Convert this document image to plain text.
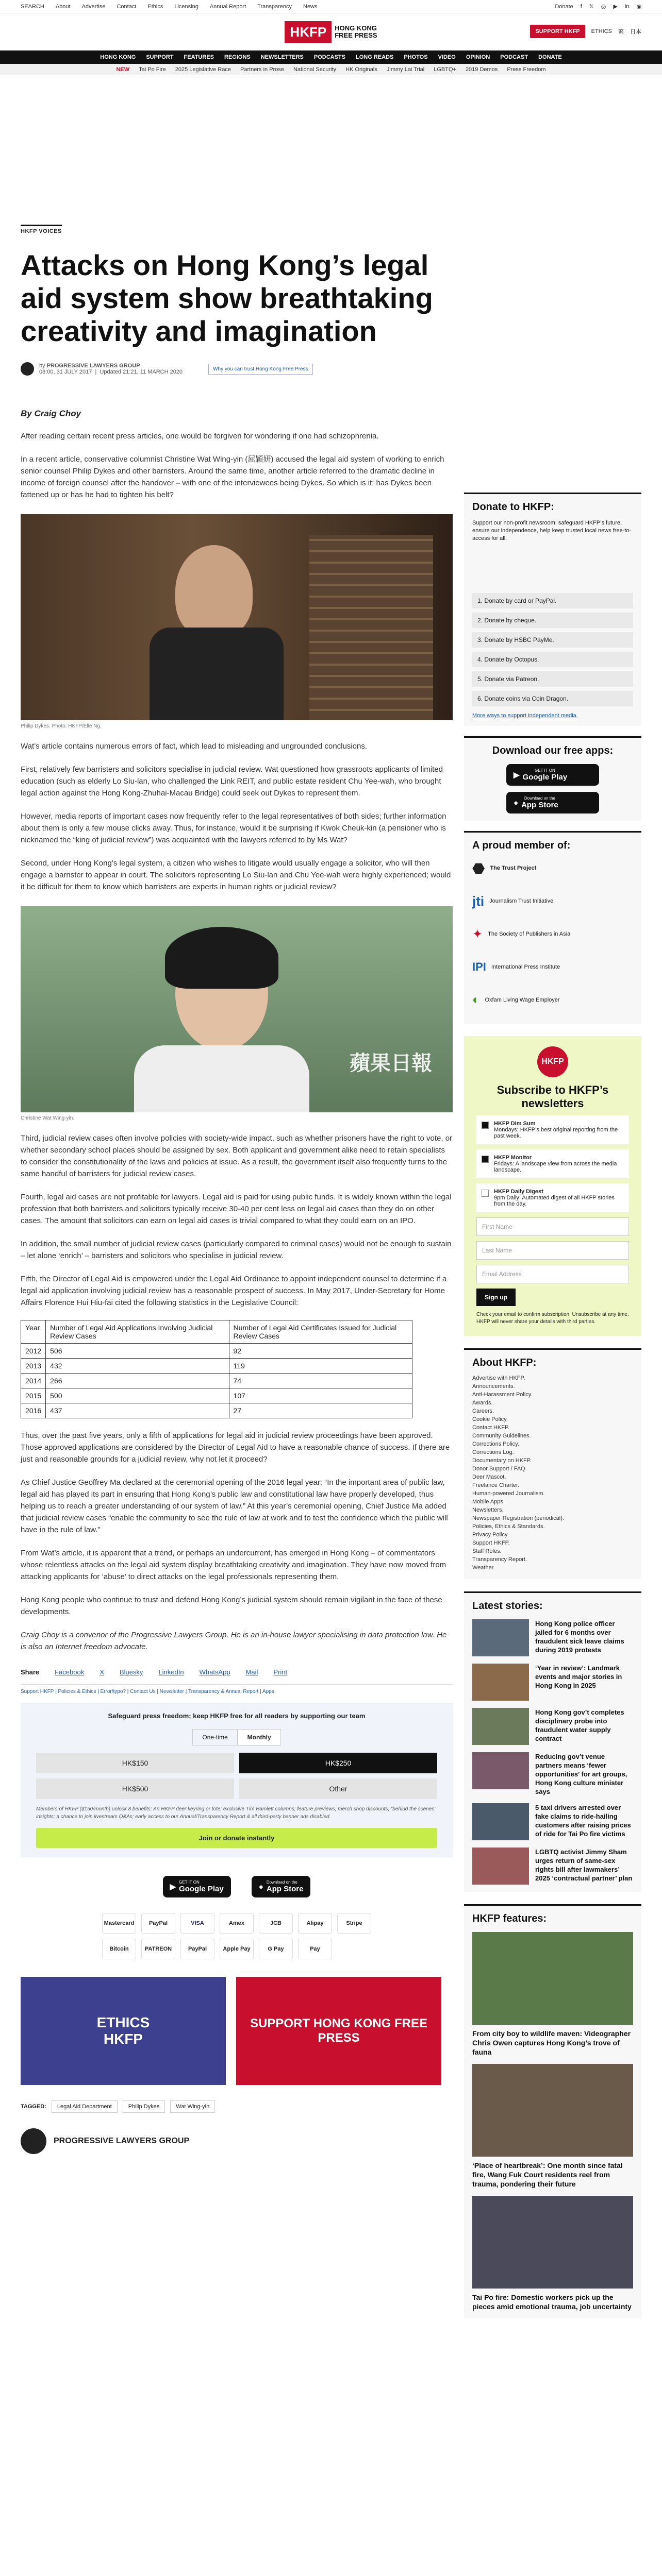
SEARCH About Advertise Contact Ethics Licensing Annual Report Transparency News	Donate f 𝕏 ◎ ▶ in ◉
HKFP	HONG KONG
FREE PRESS	SUPPORT HKFP	ETHICS 繁 日本
HONG KONG SUPPORT FEATURES REGIONS NEWSLETTERS PODCASTS LONG READS PHOTOS VIDEO OPINION PODCAST DONATE
NEW Tai Po Fire 2025 Legislative Race Partners in Prose National Security HK Originals Jimmy Lai Trial LGBTQ+ 2019 Demos Press Freedom
HKFP VOICES
Attacks on Hong Kong’s legal aid system show breathtaking creativity and imagination
by PROGRESSIVE LAWYERS GROUP
08:00, 31 JULY 2017  |  Updated 21:21, 11 MARCH 2020	Why you can trust Hong Kong Free Press
By Craig Choy

After reading certain recent press articles, one would be forgiven for wondering if one had schizophrenia.

In a recent article, conservative columnist Christine Wat Wing-yin (屈穎妍) accused the legal aid system of working to enrich senior counsel Philip Dykes and other barristers. Around the same time, another article referred to the dramatic decline in income of foreign counsel after the handover – with one of the interviewees being Dykes. So which is it: has Dykes been fattened up or has he had to tighten his belt?

Philip Dykes. Photo: HKFP/Elle Ng.

Wat’s article contains numerous errors of fact, which lead to misleading and ungrounded conclusions.

First, relatively few barristers and solicitors specialise in judicial review. Wat questioned how grassroots applicants of limited education (such as elderly Lo Siu-lan, who challenged the Link REIT, and public estate resident Chu Yee-wah, who brought legal action against the Hong Kong-Zhuhai-Macau Bridge) could seek out Dykes to represent them.

However, media reports of important cases now frequently refer to the legal representatives of both sides; further information about them is only a few mouse clicks away. Thus, for instance, would it be surprising if Kwok Cheuk-kin (a pensioner who is nicknamed the “king of judicial review”) was acquainted with the lawyers referred to by Ms Wat?

Second, under Hong Kong’s legal system, a citizen who wishes to litigate would usually engage a solicitor, who will then engage a barrister to appear in court. The solicitors representing Lo Siu-lan and Chu Yee-wah were highly experienced; would it be difficult for them to know which barristers are experts in human rights or judicial review?

蘋果日報
Christine Wat Wing-yin.

Third, judicial review cases often involve policies with society-wide impact, such as whether prisoners have the right to vote, or whether secondary school places should be assigned by sex. Both applicant and government alike need to retain specialists to consider the constitutionality of the laws and policies at issue. As a result, the government itself also frequently turns to the same handful of barristers for judicial review cases.

Fourth, legal aid cases are not profitable for lawyers. Legal aid is paid for using public funds. It is widely known within the legal profession that both barristers and solicitors typically receive 30-40 per cent less on legal aid cases than they do on other cases. The amount that solicitors can earn on legal aid cases is trivial compared to what they could earn on an IPO.

In addition, the small number of judicial review cases (particularly compared to criminal cases) would not be enough to sustain – let alone ‘enrich’ – barristers and solicitors who specialise in judicial review.

Fifth, the Director of Legal Aid is empowered under the Legal Aid Ordinance to appoint independent counsel to determine if a legal aid application involving judicial review has a reasonable prospect of success. In May 2017, Under-Secretary for Home Affairs Florence Hui Hiu-fai cited the following statistics in the Legislative Council:

Year	Number of Legal Aid Applications Involving Judicial Review Cases	Number of Legal Aid Certificates Issued for Judicial Review Cases
2012	506	92
2013	432	119
2014	266	74
2015	500	107
2016	437	27

Thus, over the past five years, only a fifth of applications for legal aid in judicial review proceedings have been approved. Those approved applications are considered by the Director of Legal Aid to have a reasonable chance of success. If there are just and reasonable grounds for a judicial review, why not let it proceed?

As Chief Justice Geoffrey Ma declared at the ceremonial opening of the 2016 legal year: “In the important area of public law, legal aid has played its part in ensuring that Hong Kong’s public law and constitutional law have properly developed, thus helping us to reach a greater understanding of our system of law.” At this year’s ceremonial opening, Chief Justice Ma added that judicial review cases “enable the community to see the rule of law at work and to test the confidence which the public will have in the rule of law.”

From Wat’s article, it is apparent that a trend, or perhaps an undercurrent, has emerged in Hong Kong – of commentators whose relentless attacks on the legal aid system display breathtaking creativity and imagination. They have now moved from attacking applicants for ‘abuse’ to direct attacks on the legal professionals representing them.

Hong Kong people who continue to trust and defend Hong Kong’s judicial system should remain vigilant in the face of these developments.

Craig Choy is a convenor of the Progressive Lawyers Group. He is an in-house lawyer specialising in data protection law. He is also an Internet freedom advocate.

Share Facebook X Bluesky LinkedIn WhatsApp Mail Print
Support HKFP | Policies & Ethics | Error/typo? | Contact Us | Newsletter | Transparency & Annual Report | Apps
Safeguard press freedom; keep HKFP free for all readers by supporting our team
One-time	Monthly
HK$150	HK$250
HK$500	Other
Members of HKFP ($150/month) unlock 8 benefits: An HKFP deer keyring or tote; exclusive Tim Hamlett columns; feature previews; merch shop discounts; “behind the scenes” insights; a chance to join livestream Q&As; early access to our Annual/Transparency Report & all third-party banner ads disabled.
Join or donate instantly
▶
GET IT ON
Google Play	● Download on the
App Store
Mastercard	PayPal	VISA	Amex	JCB	Alipay	Stripe
Bitcoin	PATREON	PayPal	Apple Pay	G Pay	Pay
ETHICS
HKFP
SUPPORT HONG KONG FREE PRESS
TAGGED:	Legal Aid Department	Philip Dykes	Wat Wing-yin
PROGRESSIVE LAWYERS GROUP
Donate to HKFP:

Support our non-profit newsroom: safeguard HKFP’s future, ensure our independence, help keep trusted local news free-to-access for all.

1. Donate by card or PayPal.
2. Donate by cheque.
3. Donate by HSBC PayMe.
4. Donate by Octopus.
5. Donate via Patreon.
6. Donate coins via Coin Dragon.

More ways to support independent media.

Download our free apps:
▶
GET IT ON
Google Play
●	Download on the
App Store
A proud member of:
⬣ The Trust Project
jti Journalism Trust Initiative
✦ The Society of Publishers in Asia
IPI International Press Institute
◐ Oxfam Living Wage Employer
HKFP
Subscribe to HKFP’s newsletters
HKFP Dim Sum
Mondays: HKFP’s best original reporting from the past week.
HKFP Monitor
Fridays: A landscape view from across the media landscape.
HKFP Daily Digest
9pm Daily: Automated digest of all HKFP stories from the day.
First Name
Last Name
Email Address
Sign up

Check your email to confirm subscription. Unsubscribe at any time. HKFP will never share your details with third parties.

About HKFP:
Advertise with HKFP.
Announcements.
Anti-Harassment Policy.
Awards.
Careers.
Cookie Policy.
Contact HKFP.
Community Guidelines.
Corrections Policy.
Corrections Log.
Documentary on HKFP.
Donor Support / FAQ.
Deer Mascot.
Freelance Charter.
Human-powered Journalism.
Mobile Apps.
Newsletters.
Newspaper Registration (periodical).
Policies, Ethics & Standards.
Privacy Policy.
Support HKFP.
Staff Roles.
Transparency Report.
Weather.
Latest stories:
Hong Kong police officer jailed for 6 months over fraudulent sick leave claims during 2019 protests
‘Year in review’: Landmark events and major stories in Hong Kong in 2025
Hong Kong gov’t completes disciplinary probe into fraudulent water supply contract
Reducing gov’t venue partners means ‘fewer opportunities’ for art groups, Hong Kong culture minister says
5 taxi drivers arrested over fake claims to ride-hailing customers after raising prices of ride for Tai Po fire victims
LGBTQ activist Jimmy Sham urges return of same-sex rights bill after lawmakers’ 2025 ‘contractual partner’ plan
HKFP features:
From city boy to wildlife maven: Videographer Chris Owen captures Hong Kong’s trove of fauna
‘Place of heartbreak’: One month since fatal fire, Wang Fuk Court residents reel from trauma, pondering their future
Tai Po fire: Domestic workers pick up the pieces amid emotional trauma, job uncertainty
